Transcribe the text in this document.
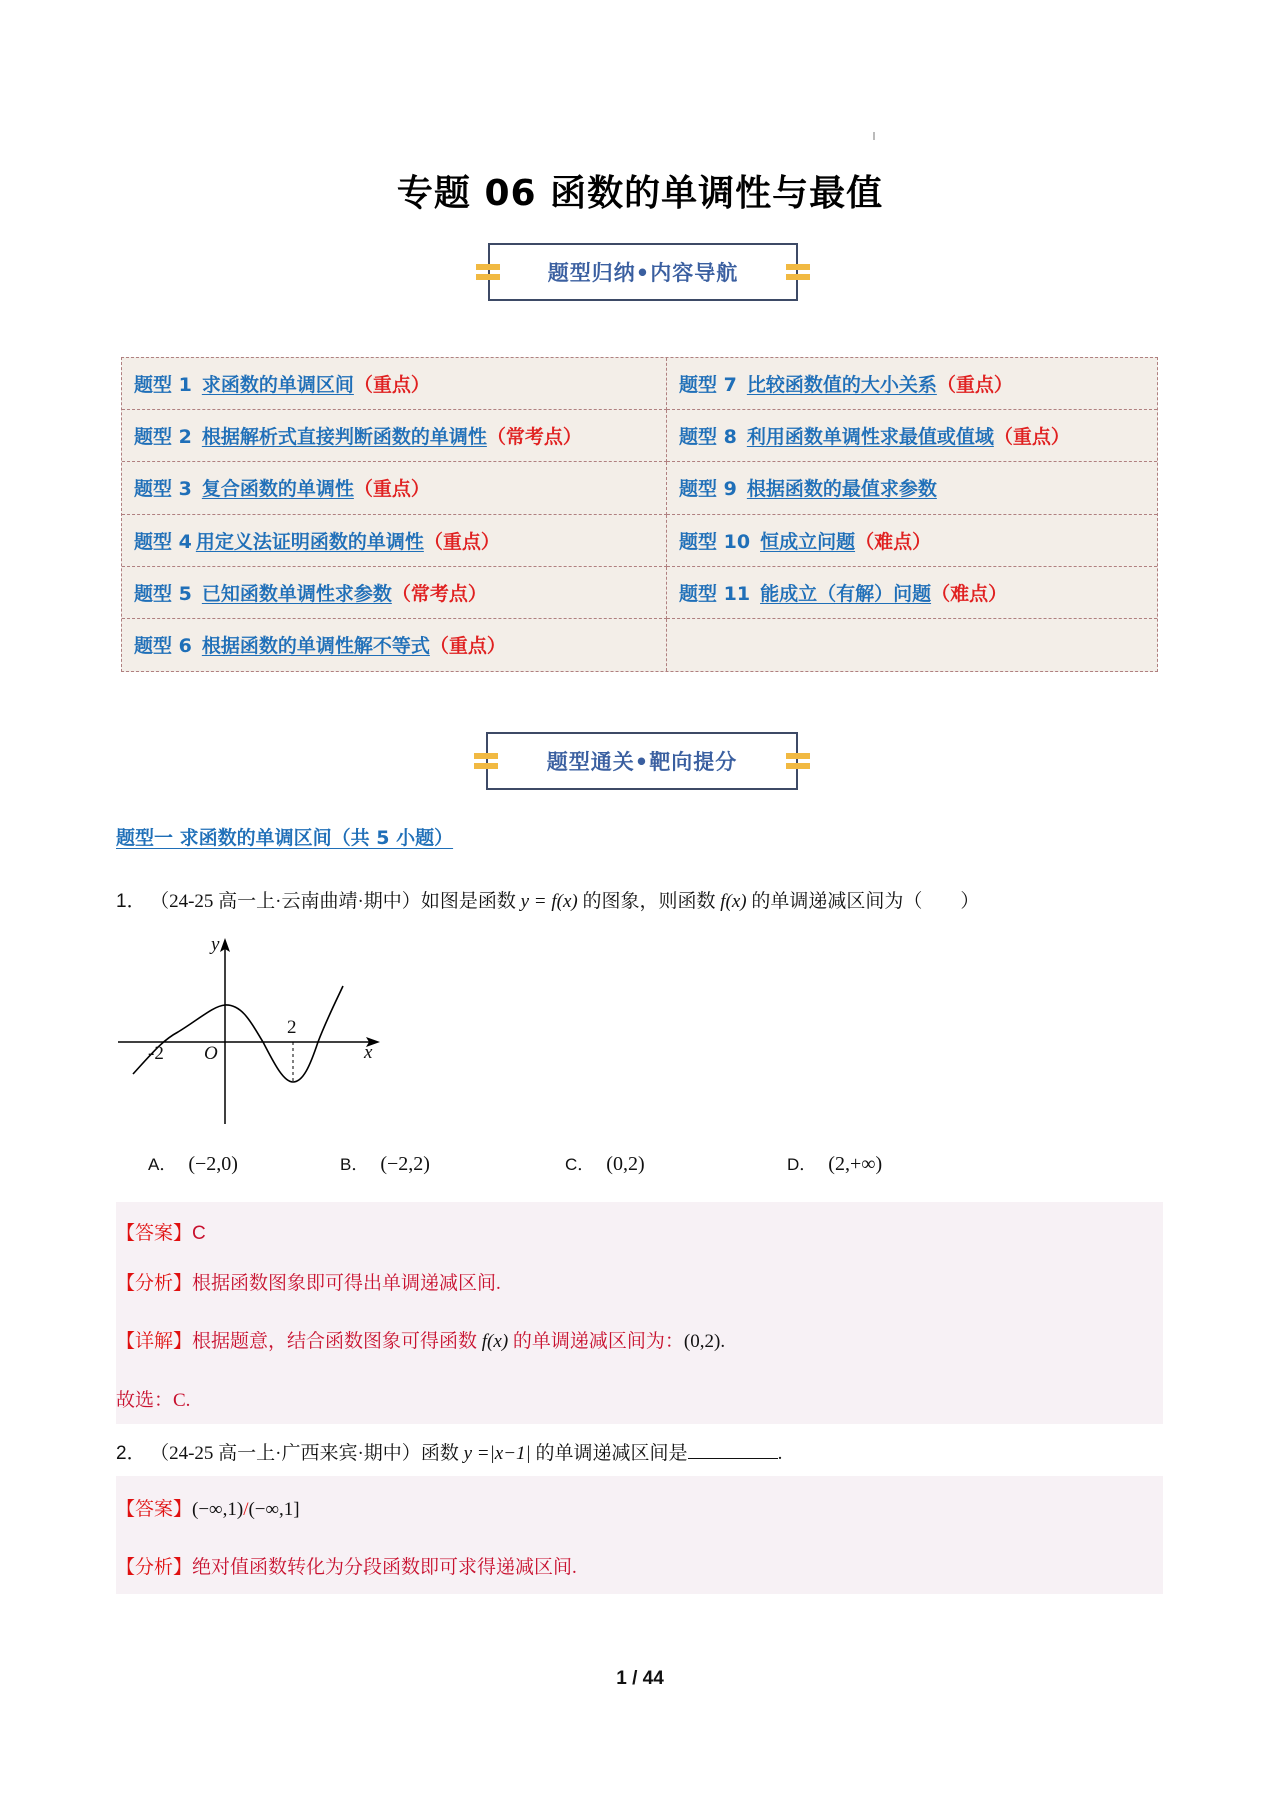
专题 06 函数的单调性与最值
题型归纳•内容导航
题型 1 求函数的单调区间 （重点）	题型 7 比较函数值的大小关系 （重点）
题型 2 根据解析式直接判断函数的单调性 （常考点）	题型 8 利用函数单调性求最值或值域 （重点）
题型 3 复合函数的单调性 （重点）	题型 9 根据函数的最值求参数
题型 4 用定义法证明函数的单调性 （重点）	题型 10 恒成立问题 （难点）
题型 5 已知函数单调性求参数 （常考点）	题型 11 能成立（有解）问题 （难点）
题型 6 根据函数的单调性解不等式 （重点）
题型通关•靶向提分
题型一 求函数的单调区间（共 5 小题）
1． （24-25 高一上·云南曲靖·期中）如图是函数 y = f(x) 的图象，则函数 f(x) 的单调递减区间为（　　）
y
x
O
-2
2
A． (−2,0)	B． (−2,2)	C． (0,2)	D． (2,+∞)
【答案】C
【分析】根据函数图象即可得出单调递减区间.
【详解】根据题意，结合函数图象可得函数 f(x) 的单调递减区间为：(0,2).
故选：C.
2． （24-25 高一上·广西来宾·期中）函数 y =|x−1| 的单调递减区间是	.
【答案】(−∞,1)/(−∞,1]
【分析】绝对值函数转化为分段函数即可求得递减区间.
1 / 44
